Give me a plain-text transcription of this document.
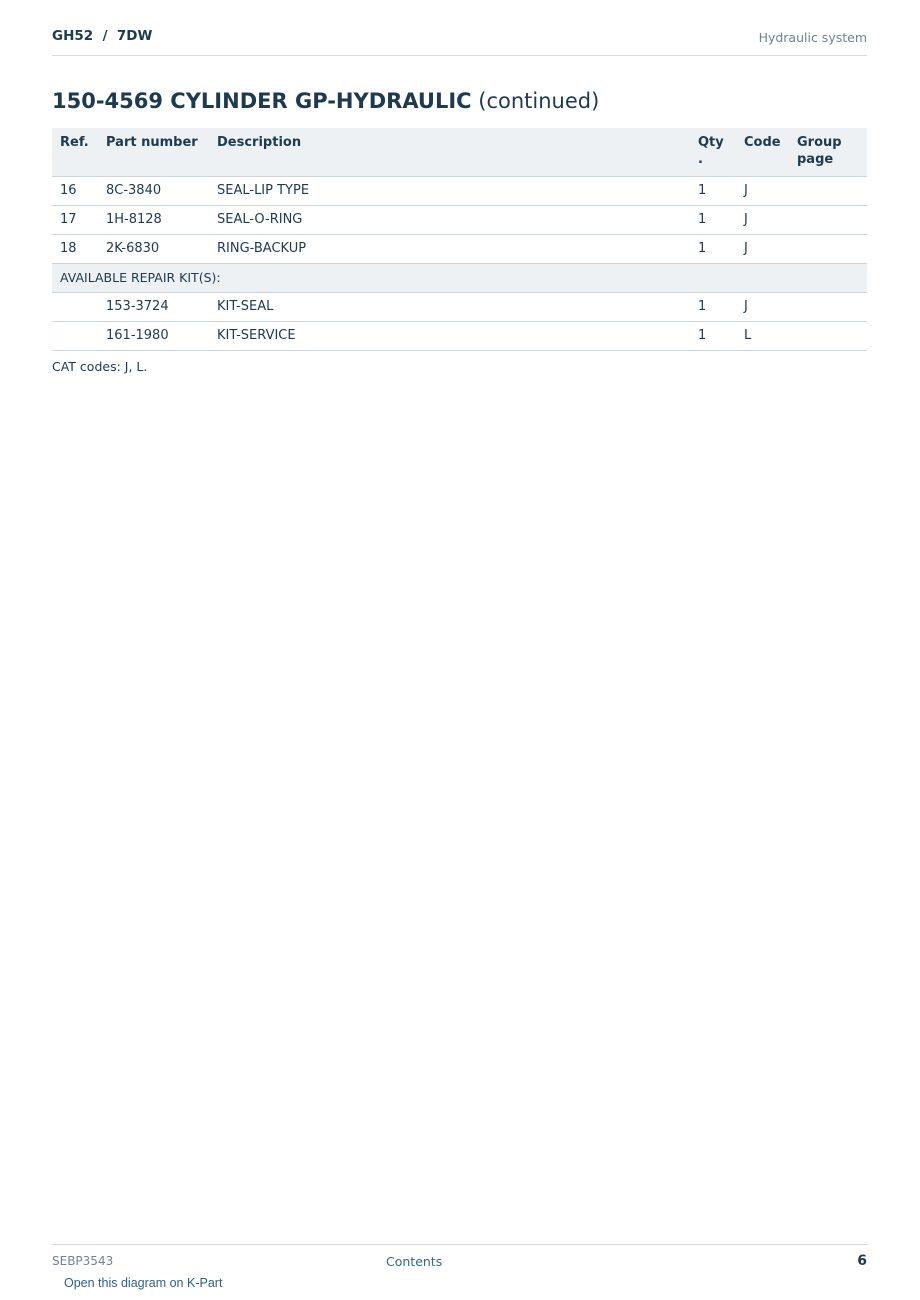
GH52  /  7DW	Hydraulic system
150-4569 CYLINDER GP-HYDRAULIC (continued)
Ref.	Part number	Description	Qty .	Code	Group page
16	8C-3840	SEAL-LIP TYPE	1	J	
17	1H-8128	SEAL-O-RING	1	J	
18	2K-6830	RING-BACKUP	1	J	
AVAILABLE REPAIR KIT(S):					
	153-3724	KIT-SEAL	1	J	
	161-1980	KIT-SERVICE	1	L	
CAT codes: J, L.
SEBP3543	Contents	6
Open this diagram on K-Part
